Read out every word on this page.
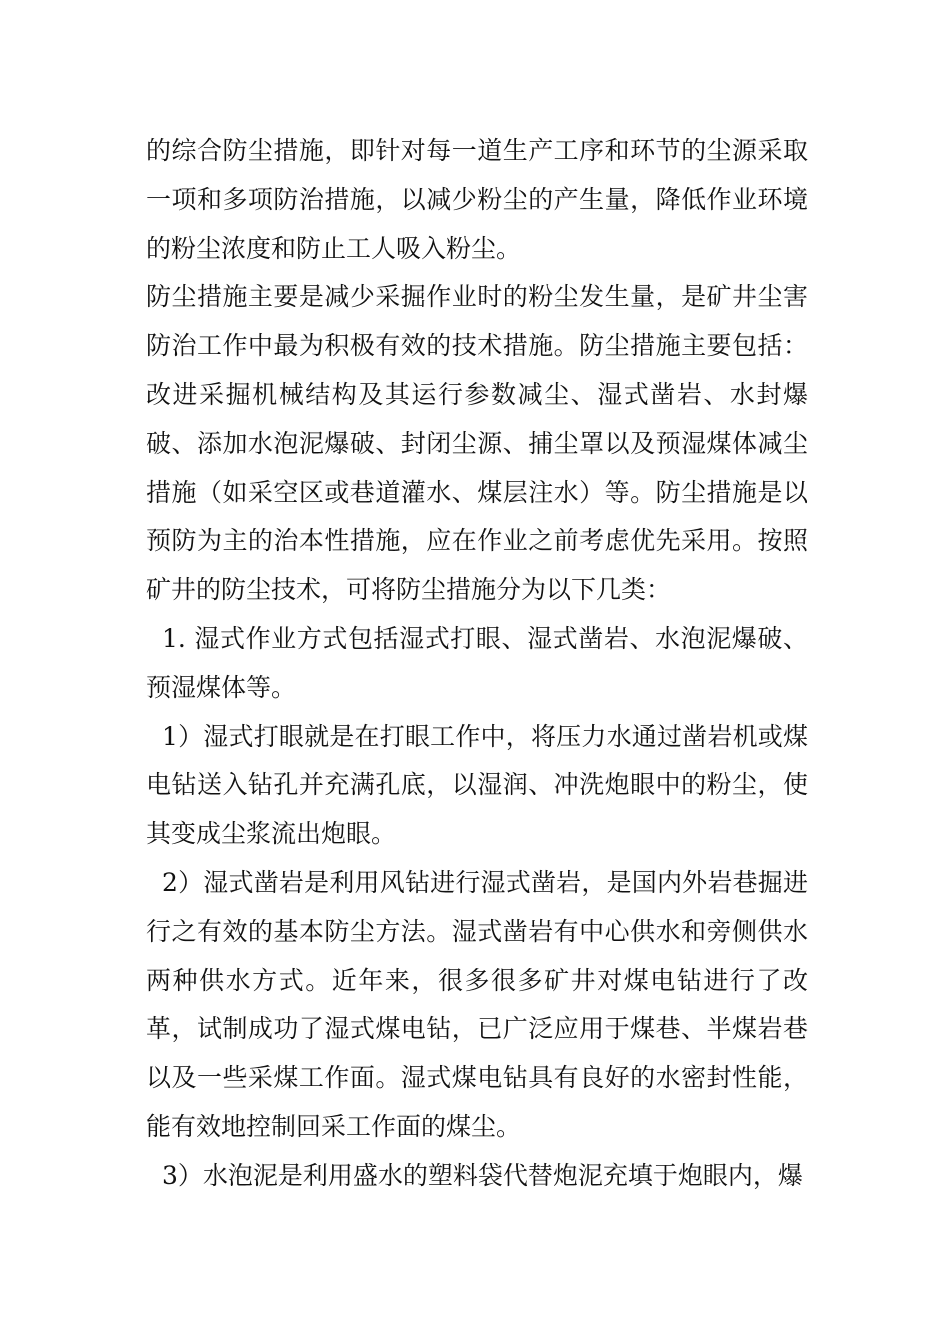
的综合防尘措施，即针对每一道生产工序和环节的尘源采取一项和多项防治措施，以减少粉尘的产生量，降低作业环境的粉尘浓度和防止工人吸入粉尘。

防尘措施主要是减少采掘作业时的粉尘发生量，是矿井尘害防治工作中最为积极有效的技术措施。防尘措施主要包括：改进采掘机械结构及其运行参数减尘、湿式凿岩、水封爆破、添加水泡泥爆破、封闭尘源、捕尘罩以及预湿煤体减尘措施（如采空区或巷道灌水、煤层注水）等。防尘措施是以预防为主的治本性措施，应在作业之前考虑优先采用。按照矿井的防尘技术，可将防尘措施分为以下几类：

1. 湿式作业方式包括湿式打眼、湿式凿岩、水泡泥爆破、预湿煤体等。

1）湿式打眼就是在打眼工作中，将压力水通过凿岩机或煤电钻送入钻孔并充满孔底，以湿润、冲洗炮眼中的粉尘，使其变成尘浆流出炮眼。

2）湿式凿岩是利用风钻进行湿式凿岩，是国内外岩巷掘进行之有效的基本防尘方法。湿式凿岩有中心供水和旁侧供水两种供水方式。近年来，很多很多矿井对煤电钻进行了改革，试制成功了湿式煤电钻，已广泛应用于煤巷、半煤岩巷以及一些采煤工作面。湿式煤电钻具有良好的水密封性能，能有效地控制回采工作面的煤尘。

3）水泡泥是利用盛水的塑料袋代替炮泥充填于炮眼内，爆
